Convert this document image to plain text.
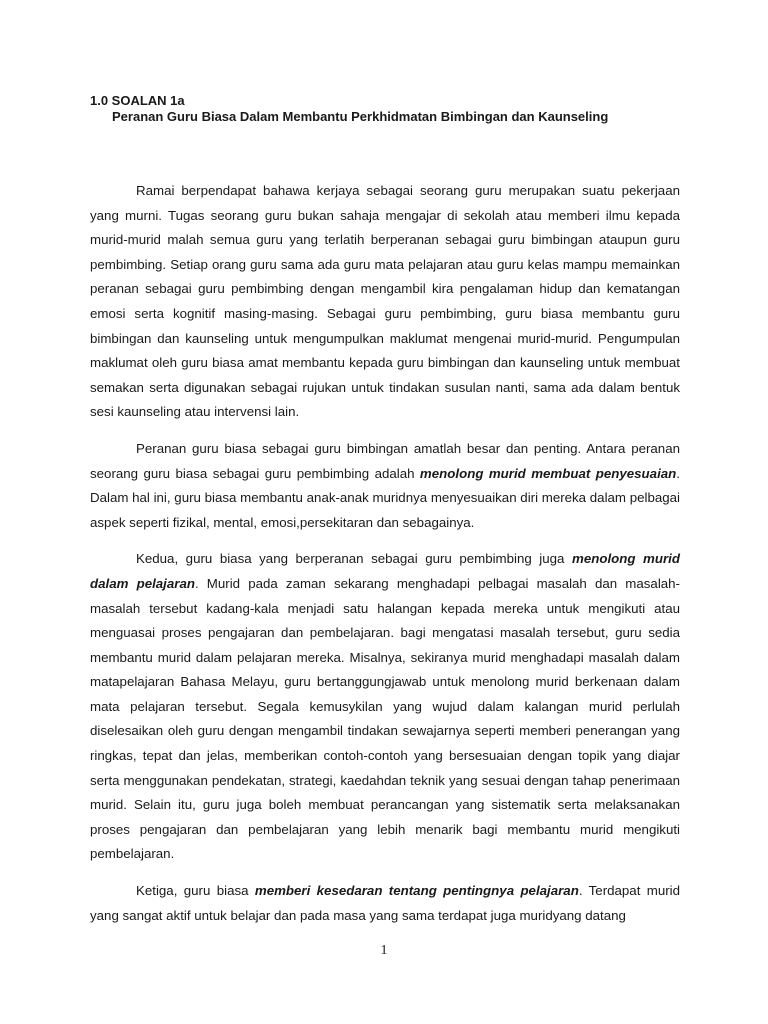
1.0 SOALAN 1a

Peranan Guru Biasa Dalam Membantu Perkhidmatan Bimbingan dan Kaunseling

Ramai berpendapat bahawa kerjaya sebagai seorang guru merupakan suatu pekerjaan yang murni. Tugas seorang guru bukan sahaja mengajar di sekolah atau memberi ilmu kepada murid-murid malah semua guru yang terlatih berperanan sebagai guru bimbingan ataupun guru pembimbing. Setiap orang guru sama ada guru mata pelajaran atau guru kelas mampu memainkan peranan sebagai guru pembimbing dengan mengambil kira pengalaman hidup dan kematangan emosi serta kognitif masing-masing. Sebagai guru pembimbing, guru biasa membantu guru bimbingan dan kaunseling untuk mengumpulkan maklumat mengenai murid-murid. Pengumpulan maklumat oleh guru biasa amat membantu kepada guru bimbingan dan kaunseling untuk membuat semakan serta digunakan sebagai rujukan untuk tindakan susulan nanti, sama ada dalam bentuk sesi kaunseling atau intervensi lain.

Peranan guru biasa sebagai guru bimbingan amatlah besar dan penting. Antara peranan seorang guru biasa sebagai guru pembimbing adalah menolong murid membuat penyesuaian. Dalam hal ini, guru biasa membantu anak-anak muridnya menyesuaikan diri mereka dalam pelbagai aspek seperti fizikal, mental, emosi,persekitaran dan sebagainya.

Kedua, guru biasa yang berperanan sebagai guru pembimbing juga menolong murid dalam pelajaran. Murid pada zaman sekarang menghadapi pelbagai masalah dan masalah-masalah tersebut kadang-kala menjadi satu halangan kepada mereka untuk mengikuti atau menguasai proses pengajaran dan pembelajaran. bagi mengatasi masalah tersebut, guru sedia membantu murid dalam pelajaran mereka. Misalnya, sekiranya murid menghadapi masalah dalam matapelajaran Bahasa Melayu, guru bertanggungjawab untuk menolong murid berkenaan dalam mata pelajaran tersebut. Segala kemusykilan yang wujud dalam kalangan murid perlulah diselesaikan oleh guru dengan mengambil tindakan sewajarnya seperti memberi penerangan yang ringkas, tepat dan jelas, memberikan contoh-contoh yang bersesuaian dengan topik yang diajar serta menggunakan pendekatan, strategi, kaedahdan teknik yang sesuai dengan tahap penerimaan murid. Selain itu, guru juga boleh membuat perancangan yang sistematik serta melaksanakan proses pengajaran dan pembelajaran yang lebih menarik bagi membantu murid mengikuti pembelajaran.

Ketiga, guru biasa memberi kesedaran tentang pentingnya pelajaran. Terdapat murid yang sangat aktif untuk belajar dan pada masa yang sama terdapat juga muridyang datang

1
